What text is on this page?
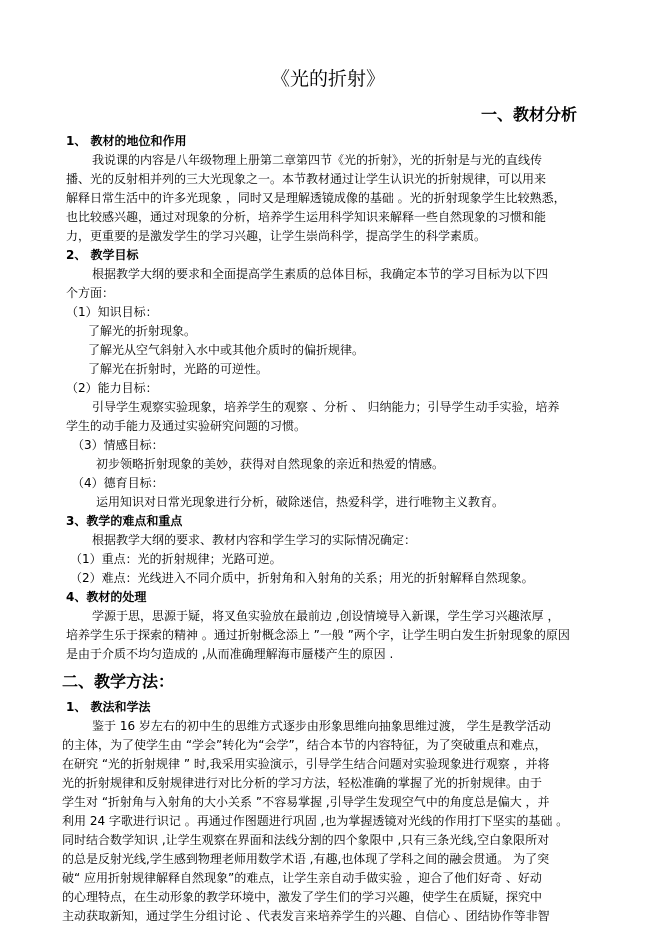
《光的折射》
一、教材分析
1、 教材的地位和作用
我说课的内容是八年级物理上册第二章第四节《光的折射》，光的折射是与光的直线传
播、光的反射相并列的三大光现象之一。本节教材通过让学生认识光的折射规律，可以用来
解释日常生活中的许多光现象 ，同时又是理解透镜成像的基础 。光的折射现象学生比较熟悉，
也比较感兴趣，通过对现象的分析，培养学生运用科学知识来解释一些自然现象的习惯和能
力，更重要的是激发学生的学习兴趣，让学生崇尚科学，提高学生的科学素质。
2、 教学目标
根据教学大纲的要求和全面提高学生素质的总体目标，我确定本节的学习目标为以下四
个方面：
（1）知识目标：
了解光的折射现象。
了解光从空气斜射入水中或其他介质时的偏折规律。
了解光在折射时，光路的可逆性。
（2）能力目标：
引导学生观察实验现象，培养学生的观察 、分析 、 归纳能力；引导学生动手实验，培养
学生的动手能力及通过实验研究问题的习惯。
（3）情感目标：
初步领略折射现象的美妙，获得对自然现象的亲近和热爱的情感。
（4）德育目标：
运用知识对日常光现象进行分析，破除迷信，热爱科学，进行唯物主义教育。
3、教学的难点和重点
根据教学大纲的要求、教材内容和学生学习的实际情况确定：
（1）重点：光的折射规律；光路可逆。
（2）难点：光线进入不同介质中，折射角和入射角的关系；用光的折射解释自然现象。
4、教材的处理
学源于思，思源于疑，将叉鱼实验放在最前边 ,创设情境导入新课，学生学习兴趣浓厚 ，
培养学生乐于探索的精神 。通过折射概念添上 ”一般 ”两个字，让学生明白发生折射现象的原因
是由于介质不均匀造成的 ,从而准确理解海市蜃楼产生的原因 .
二、教学方法：
1、 教法和学法
鉴于 16 岁左右的初中生的思维方式逐步由形象思维向抽象思维过渡， 学生是教学活动
的主体，为了使学生由 “学会”转化为“会学”，结合本节的内容特征，为了突破重点和难点，
在研究 “光的折射规律 ” 时,我采用实验演示，引导学生结合问题对实验现象进行观察 ，并将
光的折射规律和反射规律进行对比分析的学习方法，轻松准确的掌握了光的折射规律。由于
学生对 “折射角与入射角的大小关系 ”不容易掌握 ,引导学生发现空气中的角度总是偏大 ，并
利用 24 字歌进行识记 。再通过作图题进行巩固 ,也为掌握透镜对光线的作用打下坚实的基础 。
同时结合数学知识 ,让学生观察在界面和法线分割的四个象限中 ,只有三条光线,空白象限所对
的总是反射光线,学生感到物理老师用数学术语 ,有趣,也体现了学科之间的融会贯通。 为了突
破“ 应用折射规律解释自然现象”的难点，让学生亲自动手做实验 ，迎合了他们好奇 、好动
的心理特点，在生动形象的教学环境中，激发了学生们的学习兴趣，使学生在质疑，探究中
主动获取新知，通过学生分组讨论 、代表发言来培养学生的兴趣、自信心 、团结协作等非智
